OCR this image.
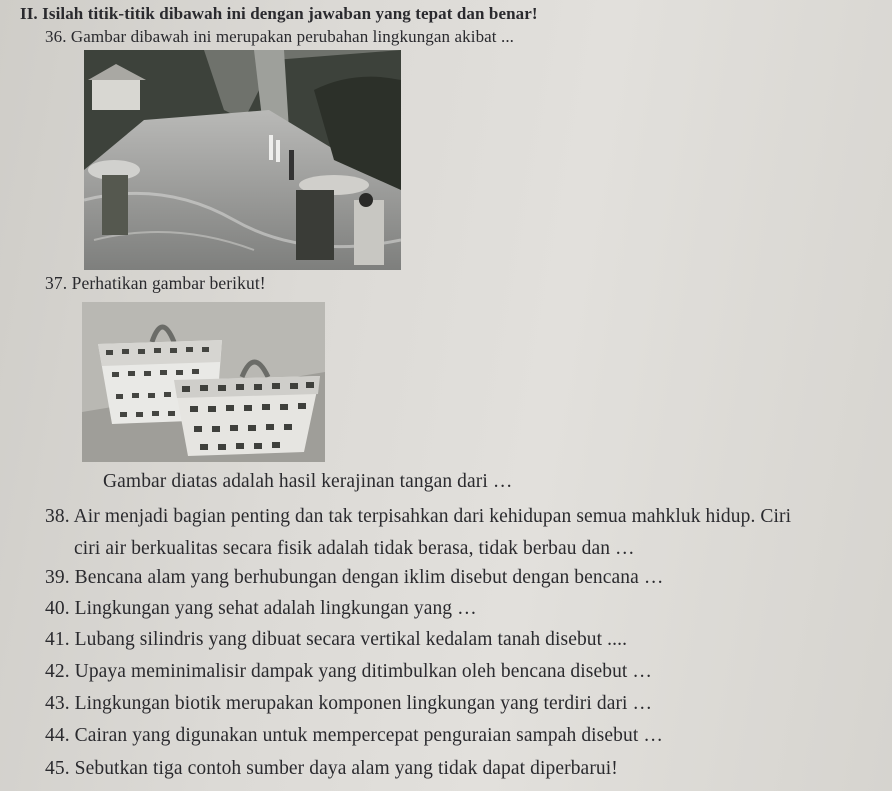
II. Isilah titik-titik dibawah ini dengan jawaban yang tepat dan benar!
36. Gambar dibawah ini merupakan perubahan lingkungan akibat ...
37. Perhatikan gambar berikut!
Gambar diatas adalah hasil kerajinan tangan dari …
38. Air menjadi bagian penting dan tak terpisahkan dari kehidupan semua mahkluk hidup. Ciri
ciri air berkualitas secara fisik adalah tidak berasa, tidak berbau dan …
39. Bencana alam yang berhubungan dengan iklim disebut dengan bencana …
40. Lingkungan yang sehat adalah lingkungan yang …
41. Lubang silindris yang dibuat secara vertikal kedalam tanah disebut ....
42. Upaya meminimalisir dampak yang ditimbulkan oleh bencana disebut …
43. Lingkungan biotik merupakan komponen lingkungan yang terdiri dari …
44. Cairan yang digunakan untuk mempercepat penguraian sampah disebut …
45. Sebutkan tiga contoh sumber daya alam yang tidak dapat diperbarui!
